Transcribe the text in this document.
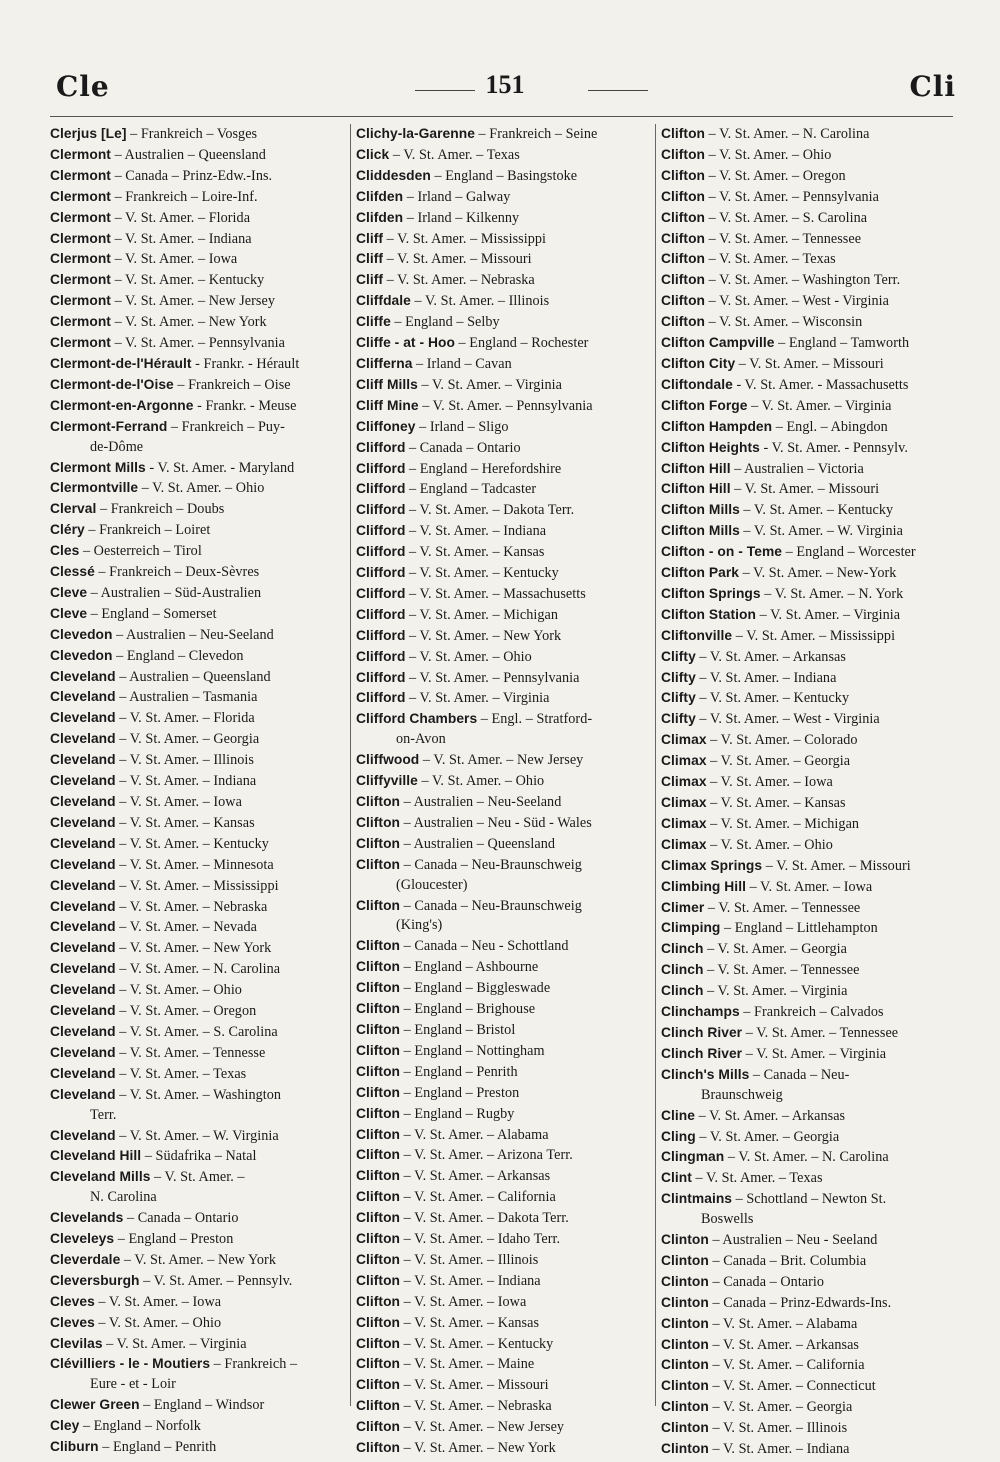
Cle	151	Cli
Clerjus [Le] – Frankreich – Vosges
Clermont – Australien – Queensland
Clermont – Canada – Prinz-Edw.-Ins.
Clermont – Frankreich – Loire-Inf.
Clermont – V. St. Amer. – Florida
Clermont – V. St. Amer. – Indiana
Clermont – V. St. Amer. – Iowa
Clermont – V. St. Amer. – Kentucky
Clermont – V. St. Amer. – New Jersey
Clermont – V. St. Amer. – New York
Clermont – V. St. Amer. – Pennsylvania
Clermont-de-l'Hérault - Frankr. - Hérault
Clermont-de-l'Oise – Frankreich – Oise
Clermont-en-Argonne - Frankr. - Meuse
Clermont-Ferrand – Frankreich – Puy-
de-Dôme
Clermont Mills - V. St. Amer. - Maryland
Clermontville – V. St. Amer. – Ohio
Clerval – Frankreich – Doubs
Cléry – Frankreich – Loiret
Cles – Oesterreich – Tirol
Clessé – Frankreich – Deux-Sèvres
Cleve – Australien – Süd-Australien
Cleve – England – Somerset
Clevedon – Australien – Neu-Seeland
Clevedon – England – Clevedon
Cleveland – Australien – Queensland
Cleveland – Australien – Tasmania
Cleveland – V. St. Amer. – Florida
Cleveland – V. St. Amer. – Georgia
Cleveland – V. St. Amer. – Illinois
Cleveland – V. St. Amer. – Indiana
Cleveland – V. St. Amer. – Iowa
Cleveland – V. St. Amer. – Kansas
Cleveland – V. St. Amer. – Kentucky
Cleveland – V. St. Amer. – Minnesota
Cleveland – V. St. Amer. – Mississippi
Cleveland – V. St. Amer. – Nebraska
Cleveland – V. St. Amer. – Nevada
Cleveland – V. St. Amer. – New York
Cleveland – V. St. Amer. – N. Carolina
Cleveland – V. St. Amer. – Ohio
Cleveland – V. St. Amer. – Oregon
Cleveland – V. St. Amer. – S. Carolina
Cleveland – V. St. Amer. – Tennesse
Cleveland – V. St. Amer. – Texas
Cleveland – V. St. Amer. – Washington
Terr.
Cleveland – V. St. Amer. – W. Virginia
Cleveland Hill – Südafrika – Natal
Cleveland Mills – V. St. Amer. –
N. Carolina
Clevelands – Canada – Ontario
Cleveleys – England – Preston
Cleverdale – V. St. Amer. – New York
Cleversburgh – V. St. Amer. – Pennsylv.
Cleves – V. St. Amer. – Iowa
Cleves – V. St. Amer. – Ohio
Clevilas – V. St. Amer. – Virginia
Clévilliers - le - Moutiers – Frankreich –
Eure - et - Loir
Clewer Green – England – Windsor
Cley – England – Norfolk
Cliburn – England – Penrith
Clichy-la-Garenne – Frankreich – Seine
Click – V. St. Amer. – Texas
Cliddesden – England – Basingstoke
Clifden – Irland – Galway
Clifden – Irland – Kilkenny
Cliff – V. St. Amer. – Mississippi
Cliff – V. St. Amer. – Missouri
Cliff – V. St. Amer. – Nebraska
Cliffdale – V. St. Amer. – Illinois
Cliffe – England – Selby
Cliffe - at - Hoo – England – Rochester
Clifferna – Irland – Cavan
Cliff Mills – V. St. Amer. – Virginia
Cliff Mine – V. St. Amer. – Pennsylvania
Cliffoney – Irland – Sligo
Clifford – Canada – Ontario
Clifford – England – Herefordshire
Clifford – England – Tadcaster
Clifford – V. St. Amer. – Dakota Terr.
Clifford – V. St. Amer. – Indiana
Clifford – V. St. Amer. – Kansas
Clifford – V. St. Amer. – Kentucky
Clifford – V. St. Amer. – Massachusetts
Clifford – V. St. Amer. – Michigan
Clifford – V. St. Amer. – New York
Clifford – V. St. Amer. – Ohio
Clifford – V. St. Amer. – Pennsylvania
Clifford – V. St. Amer. – Virginia
Clifford Chambers – Engl. – Stratford-
on-Avon
Cliffwood – V. St. Amer. – New Jersey
Cliffyville – V. St. Amer. – Ohio
Clifton – Australien – Neu-Seeland
Clifton – Australien – Neu - Süd - Wales
Clifton – Australien – Queensland
Clifton – Canada – Neu-Braunschweig
(Gloucester)
Clifton – Canada – Neu-Braunschweig
(King's)
Clifton – Canada – Neu - Schottland
Clifton – England – Ashbourne
Clifton – England – Biggleswade
Clifton – England – Brighouse
Clifton – England – Bristol
Clifton – England – Nottingham
Clifton – England – Penrith
Clifton – England – Preston
Clifton – England – Rugby
Clifton – V. St. Amer. – Alabama
Clifton – V. St. Amer. – Arizona Terr.
Clifton – V. St. Amer. – Arkansas
Clifton – V. St. Amer. – California
Clifton – V. St. Amer. – Dakota Terr.
Clifton – V. St. Amer. – Idaho Terr.
Clifton – V. St. Amer. – Illinois
Clifton – V. St. Amer. – Indiana
Clifton – V. St. Amer. – Iowa
Clifton – V. St. Amer. – Kansas
Clifton – V. St. Amer. – Kentucky
Clifton – V. St. Amer. – Maine
Clifton – V. St. Amer. – Missouri
Clifton – V. St. Amer. – Nebraska
Clifton – V. St. Amer. – New Jersey
Clifton – V. St. Amer. – New York
Clifton – V. St. Amer. – N. Carolina
Clifton – V. St. Amer. – Ohio
Clifton – V. St. Amer. – Oregon
Clifton – V. St. Amer. – Pennsylvania
Clifton – V. St. Amer. – S. Carolina
Clifton – V. St. Amer. – Tennessee
Clifton – V. St. Amer. – Texas
Clifton – V. St. Amer. – Washington Terr.
Clifton – V. St. Amer. – West - Virginia
Clifton – V. St. Amer. – Wisconsin
Clifton Campville – England – Tamworth
Clifton City – V. St. Amer. – Missouri
Cliftondale - V. St. Amer. - Massachusetts
Clifton Forge – V. St. Amer. – Virginia
Clifton Hampden – Engl. – Abingdon
Clifton Heights - V. St. Amer. - Pennsylv.
Clifton Hill – Australien – Victoria
Clifton Hill – V. St. Amer. – Missouri
Clifton Mills – V. St. Amer. – Kentucky
Clifton Mills – V. St. Amer. – W. Virginia
Clifton - on - Teme – England – Worcester
Clifton Park – V. St. Amer. – New-York
Clifton Springs – V. St. Amer. – N. York
Clifton Station – V. St. Amer. – Virginia
Cliftonville – V. St. Amer. – Mississippi
Clifty – V. St. Amer. – Arkansas
Clifty – V. St. Amer. – Indiana
Clifty – V. St. Amer. – Kentucky
Clifty – V. St. Amer. – West - Virginia
Climax – V. St. Amer. – Colorado
Climax – V. St. Amer. – Georgia
Climax – V. St. Amer. – Iowa
Climax – V. St. Amer. – Kansas
Climax – V. St. Amer. – Michigan
Climax – V. St. Amer. – Ohio
Climax Springs – V. St. Amer. – Missouri
Climbing Hill – V. St. Amer. – Iowa
Climer – V. St. Amer. – Tennessee
Climping – England – Littlehampton
Clinch – V. St. Amer. – Georgia
Clinch – V. St. Amer. – Tennessee
Clinch – V. St. Amer. – Virginia
Clinchamps – Frankreich – Calvados
Clinch River – V. St. Amer. – Tennessee
Clinch River – V. St. Amer. – Virginia
Clinch's Mills – Canada – Neu-
Braunschweig
Cline – V. St. Amer. – Arkansas
Cling – V. St. Amer. – Georgia
Clingman – V. St. Amer. – N. Carolina
Clint – V. St. Amer. – Texas
Clintmains – Schottland – Newton St.
Boswells
Clinton – Australien – Neu - Seeland
Clinton – Canada – Brit. Columbia
Clinton – Canada – Ontario
Clinton – Canada – Prinz-Edwards-Ins.
Clinton – V. St. Amer. – Alabama
Clinton – V. St. Amer. – Arkansas
Clinton – V. St. Amer. – California
Clinton – V. St. Amer. – Connecticut
Clinton – V. St. Amer. – Georgia
Clinton – V. St. Amer. – Illinois
Clinton – V. St. Amer. – Indiana
